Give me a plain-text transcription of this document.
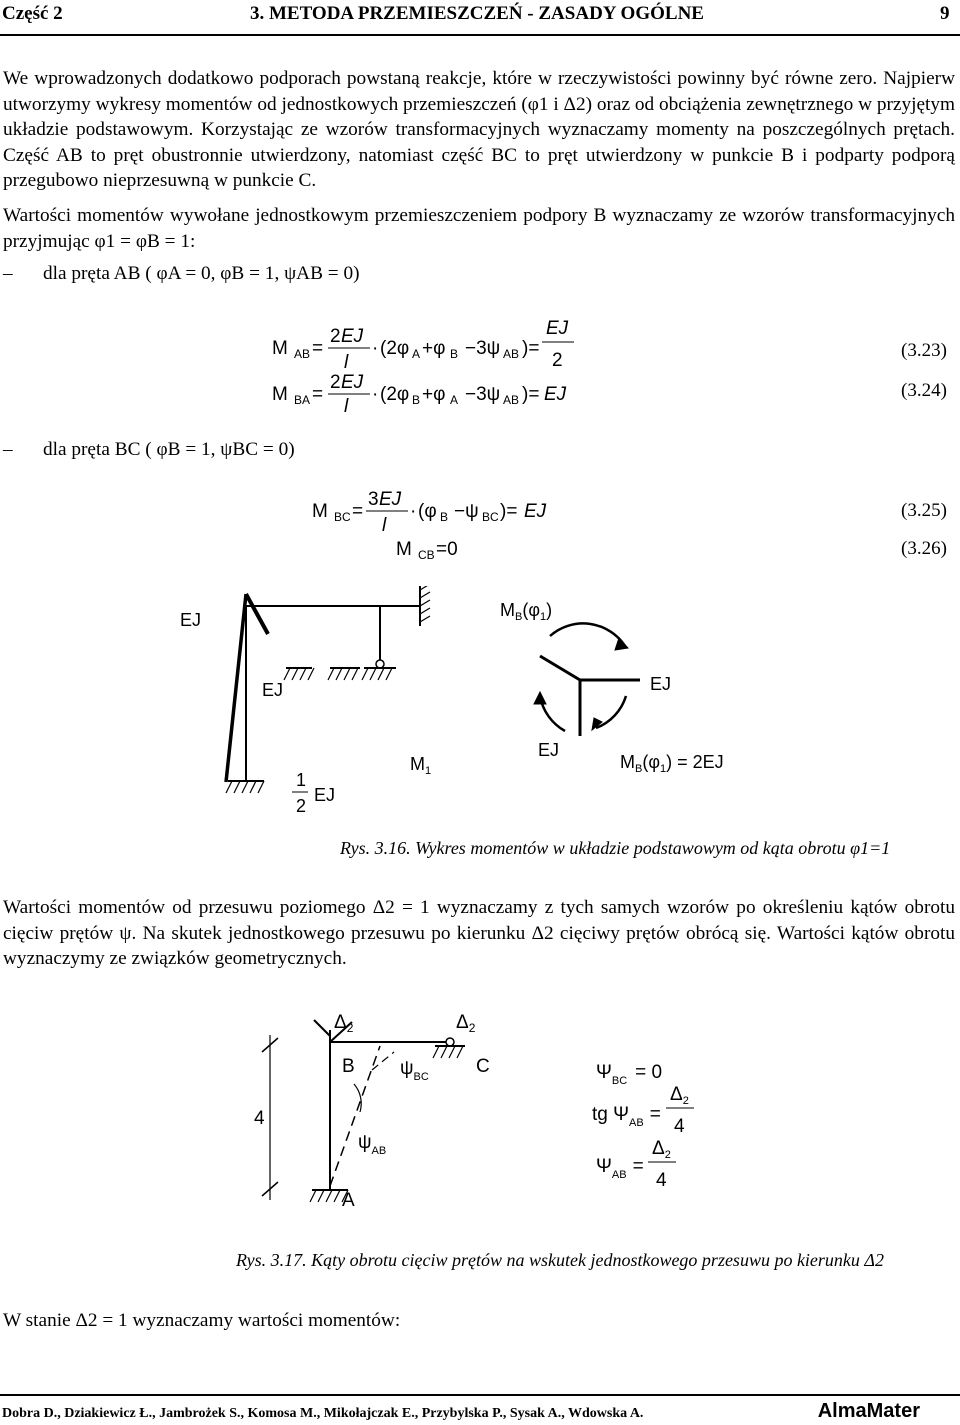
Część 2	3. METODA PRZEMIESZCZEŃ - ZASADY OGÓLNE	9
We wprowadzonych dodatkowo podporach powstaną reakcje, które w rzeczywistości powinny być równe zero. Najpierw utworzymy wykresy momentów od jednostkowych przemieszczeń (φ1 i Δ2) oraz od obciążenia zewnętrznego w przyjętym układzie podstawowym. Korzystając ze wzorów transformacyjnych wyznaczamy momenty na poszczególnych prętach. Część AB to pręt obustronnie utwierdzony, natomiast część BC to pręt utwierdzony w punkcie B i podparty podporą przegubowo nieprzesuwną w punkcie C.
Wartości momentów wywołane jednostkowym przemieszczeniem podpory B wyznaczamy ze wzorów transformacyjnych przyjmując φ1 = φB = 1:
– dla pręta AB ( φA = 0, φB = 1, ψAB = 0)
M AB =
2 EJ
l
· (2φ A +φ B −3ψ AB )=
EJ
2
M BA =
2 EJ
l
· (2φ B +φ A −3ψ AB )= EJ
(3.23)
(3.24)
– dla pręta BC ( φB = 1, ψBC = 0)
M BC =
3 EJ
l
· (φ B −ψ BC )= EJ
M CB =0
(3.25)
(3.26)
EJ
EJ
1
2
EJ
$M_1$
$M_B(\varphi_1)$
EJ
EJ
$M_B(\varphi_1) = 2EJ$
Rys. 3.16. Wykres momentów w układzie podstawowym od kąta obrotu φ1=1
Wartości momentów od przesuwu poziomego Δ2 = 1 wyznaczamy z tych samych wzorów po określeniu kątów obrotu cięciw prętów ψ. Na skutek jednostkowego przesuwu po kierunku Δ2 cięciwy prętów obrócą się. Wartości kątów obrotu wyznaczymy ze związków geometrycznych.
$\Delta_2$	$\Delta_2$
B	C
A
4
$\psi_{BC}$
$\psi_{AB}$
$\Psi_{BC} = 0$
tg $\Psi_{AB}$ =
$\Delta_2$
4
$\Psi_{AB}$ =
$\Delta_2$
4
Rys. 3.17. Kąty obrotu cięciw prętów na wskutek jednostkowego przesuwu po kierunku Δ2
W stanie Δ2 = 1 wyznaczamy wartości momentów:
Dobra D., Dziakiewicz Ł., Jambrożek S., Komosa M., Mikołajczak E., Przybylska P., Sysak A., Wdowska A.	AlmaMater
